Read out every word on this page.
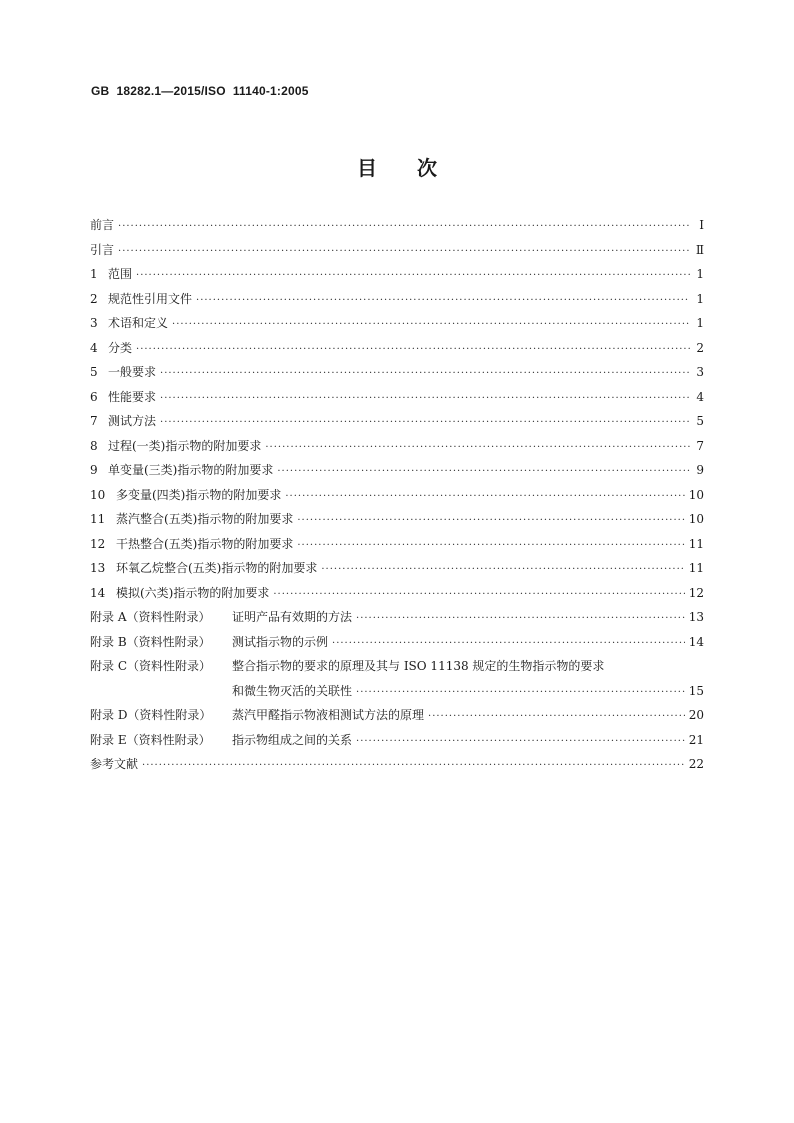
GB  18282.1—2015/ISO  11140-1:2005
目次
前言 ·····	Ⅰ
引言 ·····	Ⅱ
1 范围 ·····	1
2 规范性引用文件 ·····	1
3 术语和定义 ·····	1
4 分类 ·····	2
5 一般要求 ·····	3
6 性能要求 ·····	4
7 测试方法 ·····	5
8 过程(一类)指示物的附加要求 ·····	7
9 单变量(三类)指示物的附加要求 ·····	9
10 多变量(四类)指示物的附加要求 ·····	10
11 蒸汽整合(五类)指示物的附加要求 ·····	10
12 干热整合(五类)指示物的附加要求 ·····	11
13 环氧乙烷整合(五类)指示物的附加要求 ·····	11
14 模拟(六类)指示物的附加要求 ·····	12
附录 A（资料性附录）	证明产品有效期的方法 ·····	13
附录 B（资料性附录）	测试指示物的示例 ·····	14
附录 C（资料性附录）	整合指示物的要求的原理及其与 ISO 11138 规定的生物指示物的要求
和微生物灭活的关联性 ·····	15
附录 D（资料性附录）	蒸汽甲醛指示物液相测试方法的原理 ·····	20
附录 E（资料性附录）	指示物组成之间的关系 ·····	21
参考文献 ·····	22
